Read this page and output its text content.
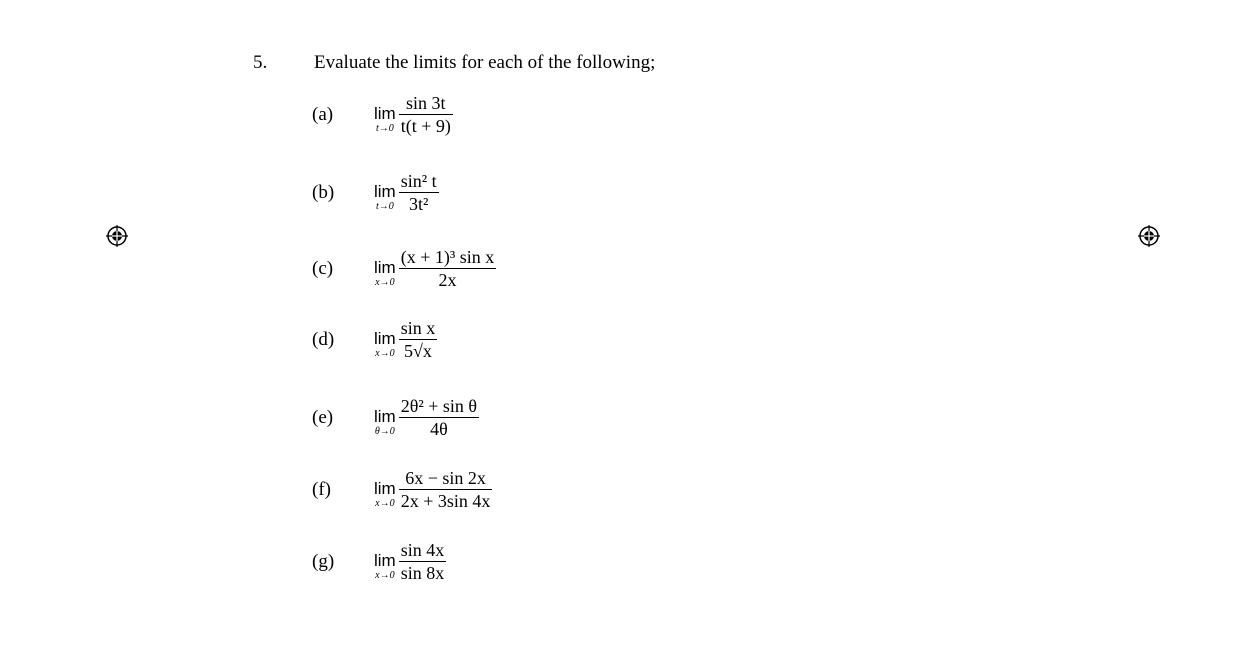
5. Evaluate the limits for each of the following;
(a) lim
$t\to 0 \frac{\sin 3t}{t(t + 9)}$
(b) lim
$t\to 0 \frac{\text{sin² t}}{\text{3t²}}$
(c) lim
$x\to 0 \frac{\text{(x + 1)³ sin x}}{2x}$
(d) lim
$x\to 0 \frac{\text{sin x}}{5√x}$
(e) lim
$\theta\to 0 \frac{\text{2θ² + sin θ}}{4\theta}$
(f)	lim
$x\to 0 \frac{6x - \sin 2x}{2x + 3\sin 4x}$
(g) lim
$x\to 0 \frac{\sin 4x}{\sin 8x}$
